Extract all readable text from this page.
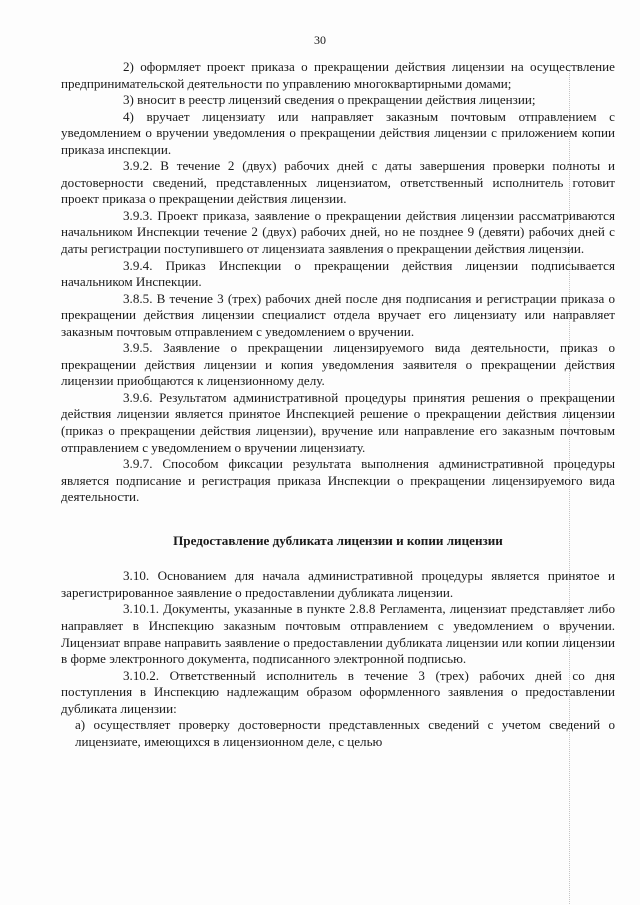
30

2) оформляет проект приказа о прекращении действия лицензии на осуществление предпринимательской деятельности по управлению многоквартирными домами;

3) вносит в реестр лицензий сведения о прекращении действия лицензии;

4) вручает лицензиату или направляет заказным почтовым отправлением с уведомлением о вручении уведомления о прекращении действия лицензии с приложением копии приказа инспекции.

3.9.2. В течение 2 (двух) рабочих дней с даты завершения проверки полноты и достоверности сведений, представленных лицензиатом, ответственный исполнитель готовит проект приказа о прекращении действия лицензии.

3.9.3. Проект приказа, заявление о прекращении действия лицензии рассматриваются начальником Инспекции течение 2 (двух) рабочих дней, но не позднее 9 (девяти) рабочих дней с даты регистрации поступившего от лицензиата заявления о прекращении действия лицензии.

3.9.4. Приказ Инспекции о прекращении действия лицензии подписывается начальником Инспекции.

3.8.5. В течение 3 (трех) рабочих дней после дня подписания и регистрации приказа о прекращении действия лицензии специалист отдела вручает его лицензиату или направляет заказным почтовым отправлением с уведомлением о вручении.

3.9.5. Заявление о прекращении лицензируемого вида деятельности, приказ о прекращении действия лицензии и копия уведомления заявителя о прекращении действия лицензии приобщаются к лицензионному делу.

3.9.6. Результатом административной процедуры принятия решения о прекращении действия лицензии является принятое Инспекцией решение о прекращении действия лицензии (приказ о прекращении действия лицензии), вручение или направление его заказным почтовым отправлением с уведомлением о вручении лицензиату.

3.9.7. Способом фиксации результата выполнения административной процедуры является подписание и регистрация приказа Инспекции о прекращении лицензируемого вида деятельности.

Предоставление дубликата лицензии и копии лицензии

3.10. Основанием для начала административной процедуры является принятое и зарегистрированное заявление о предоставлении дубликата лицензии.

3.10.1. Документы, указанные в пункте 2.8.8 Регламента, лицензиат представляет либо направляет в Инспекцию заказным почтовым отправлением с уведомлением о вручении. Лицензиат вправе направить заявление о предоставлении дубликата лицензии или копии лицензии в форме электронного документа, подписанного электронной подписью.

3.10.2. Ответственный исполнитель в течение 3 (трех) рабочих дней со дня поступления в Инспекцию надлежащим образом оформленного заявления о предоставлении дубликата лицензии:

а) осуществляет проверку достоверности представленных сведений с учетом сведений о лицензиате, имеющихся в лицензионном деле, с целью
